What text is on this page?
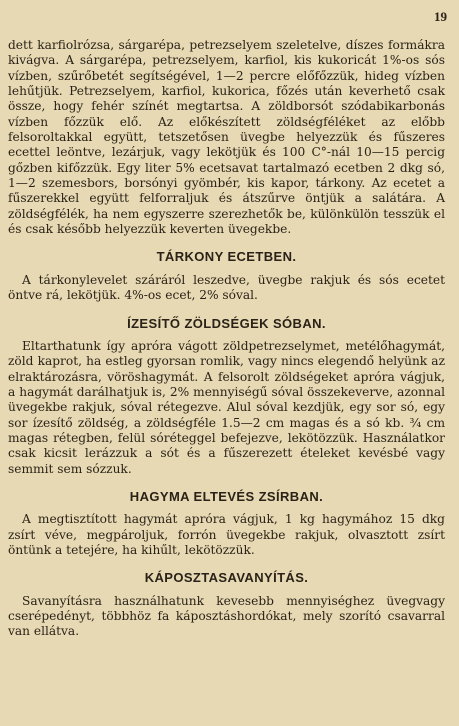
19

dett karfiolrózsa, sárgarépa, petrezselyem szeletelve, díszes formákra kivágva. A sárgarépa, petrezselyem, karfiol, kis kukoricát 1%-os sós vízben, szűrőbetét segítségével, 1—2 percre előfőzzük, hideg vízben lehűtjük. Petrezselyem, karfiol, kukorica, főzés után keverhető csak össze, hogy fehér színét megtartsa. A zöldborsót szódabikarbonás vízben főzzük elő. Az előkészített zöldségféléket az előbb felsoroltakkal együtt, tetszetősen üvegbe helyezzük és fűszeres ecettel leöntve, lezárjuk, vagy lekötjük és 100 C°-nál 10—15 percig gőzben kifőzzük. Egy liter 5% ecetsavat tartalmazó ecetben 2 dkg só, 1—2 szemesbors, borsónyi gyömbér, kis kapor, tárkony. Az ecetet a fűszerekkel együtt felforraljuk és átszűrve öntjük a salátára. A zöldségfélék, ha nem egyszerre szerezhetők be, különkülön tesszük el és csak később helyezzük keverten üvegekbe.

TÁRKONY ECETBEN.

A tárkonylevelet száráról leszedve, üvegbe rakjuk és sós ecetet öntve rá, lekötjük. 4%-os ecet, 2% sóval.

ÍZESÍTŐ ZÖLDSÉGEK SÓBAN.

Eltarthatunk így apróra vágott zöldpetrezselymet, metélőhagymát, zöld kaprot, ha estleg gyorsan romlik, vagy nincs elegendő helyünk az elraktározásra, vöröshagymát. A felsorolt zöldségeket apróra vágjuk, a hagymát darálhatjuk is, 2% mennyiségű sóval összekeverve, azonnal üvegekbe rakjuk, sóval rétegezve. Alul sóval kezdjük, egy sor só, egy sor ízesítő zöldség, a zöldségféle 1.5—2 cm magas és a só kb. ¾ cm magas rétegben, felül sóréteggel befejezve, lekötözzük. Használatkor csak kicsit lerázzuk a sót és a fűszerezett ételeket kevésbé vagy semmit sem sózzuk.

HAGYMA ELTEVÉS ZSÍRBAN.

A megtisztított hagymát apróra vágjuk, 1 kg hagymához 15 dkg zsírt véve, megpároljuk, forrón üvegekbe rakjuk, olvasztott zsírt öntünk a tetejére, ha kihűlt, lekötözzük.

KÁPOSZTASAVANYÍTÁS.

Savanyításra használhatunk kevesebb mennyiséghez üvegvagy cserépedényt, többhöz fa káposztáshordókat, mely szorító csavarral van ellátva.
